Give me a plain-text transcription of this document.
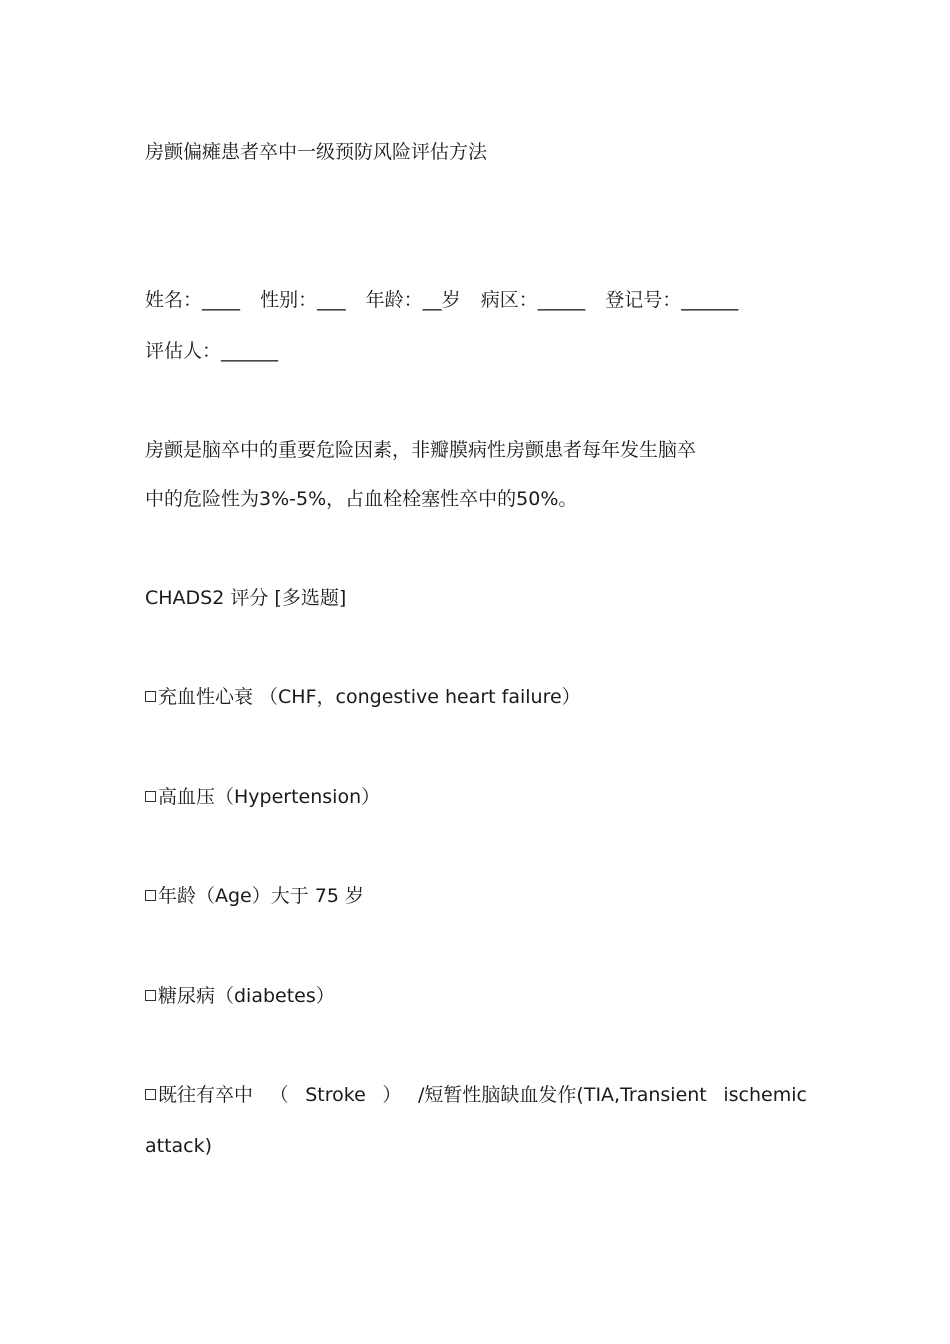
房颤偏瘫患者卒中一级预防风险评估方法
姓名：____ 性别：___ 年龄：__岁 病区：_____ 登记号：______
评估人：______
房颤是脑卒中的重要危险因素，非瓣膜病性房颤患者每年发生脑卒
中的危险性为3%-5%，占血栓栓塞性卒中的50%。
CHADS2 评分 [多选题]
充血性心衰 （CHF，congestive heart failure）
高血压（Hypertension）
年龄（Age）大于 75 岁
糖尿病（diabetes）
既往有卒中 （ Stroke ） /短暂性脑缺血发作(TIA,Transient ischemic
attack)
